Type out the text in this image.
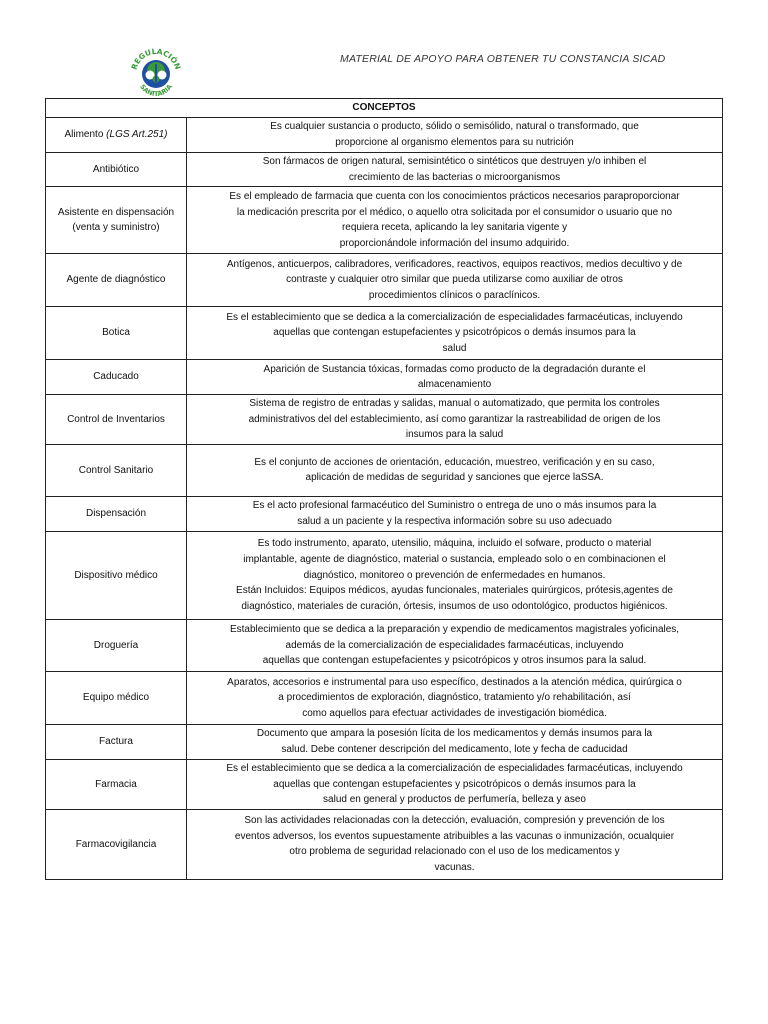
REGULACIÓN
SANITARIA
MATERIAL DE APOYO PARA OBTENER TU CONSTANCIA SICAD
CONCEPTOS	
Alimento (LGS Art.251)	Es cualquier sustancia o producto, sólido o semisólido, natural o transformado, que
proporcione al organismo elementos para su nutrición
Antibiótico	Son fármacos de origen natural, semisintético o sintéticos que destruyen y/o inhiben el
crecimiento de las bacterias o microorganismos
Asistente en dispensación (venta y suministro)	Es el empleado de farmacia que cuenta con los conocimientos prácticos necesarios paraproporcionar
la medicación prescrita por el médico, o aquello otra solicitada por el consumidor o usuario que no
requiera receta, aplicando la ley sanitaria vigente y
proporcionándole información del insumo adquirido.
Agente de diagnóstico	Antígenos, anticuerpos, calibradores, verificadores, reactivos, equipos reactivos, medios decultivo y de
contraste y cualquier otro similar que pueda utilizarse como auxiliar de otros
procedimientos clínicos o paraclínicos.
Botica	Es el establecimiento que se dedica a la comercialización de especialidades farmacéuticas, incluyendo
aquellas que contengan estupefacientes y psicotrópicos o demás insumos para la
salud
Caducado	Aparición de Sustancia tóxicas, formadas como producto de la degradación durante el
almacenamiento
Control de Inventarios	Sistema de registro de entradas y salidas, manual o automatizado, que permita los controles
administrativos del del establecimiento, así como garantizar la rastreabilidad de origen de los
insumos para la salud
Control Sanitario	Es el conjunto de acciones de orientación, educación, muestreo, verificación y en su caso,
aplicación de medidas de seguridad y sanciones que ejerce laSSA.
Dispensación	Es el acto profesional farmacéutico del Suministro o entrega de uno o más insumos para la
salud a un paciente y la respectiva información sobre su uso adecuado
Dispositivo médico	Es todo instrumento, aparato, utensilio, máquina, incluido el sofware, producto o material
implantable, agente de diagnóstico, material o sustancia, empleado solo o en combinacionen el
diagnóstico, monitoreo o prevención de enfermedades en humanos.
Están Incluidos: Equipos médicos, ayudas funcionales, materiales quirúrgicos, prótesis,agentes de
diagnóstico, materiales de curación, órtesis, insumos de uso odontológico, productos higiénicos.
Droguería	Establecimiento que se dedica a la preparación y expendio de medicamentos magistrales yoficinales,
además de la comercialización de especialidades farmacéuticas, incluyendo
aquellas que contengan estupefacientes y psicotrópicos y otros insumos para la salud.
Equipo médico	Aparatos, accesorios e instrumental para uso específico, destinados a la atención médica, quirúrgica o
a procedimientos de exploración, diagnóstico, tratamiento y/o rehabilitación, así
como aquellos para efectuar actividades de investigación biomédica.
Factura	Documento que ampara la posesión lícita de los medicamentos y demás insumos para la
salud. Debe contener descripción del medicamento, lote y fecha de caducidad
Farmacia	Es el establecimiento que se dedica a la comercialización de especialidades farmacéuticas, incluyendo
aquellas que contengan estupefacientes y psicotrópicos o demás insumos para la
salud en general y productos de perfumería, belleza y aseo
Farmacovigilancia	Son las actividades relacionadas con la detección, evaluación, compresión y prevención de los
eventos adversos, los eventos supuestamente atribuibles a las vacunas o inmunización, ocualquier
otro problema de seguridad relacionado con el uso de los medicamentos y
vacunas.
